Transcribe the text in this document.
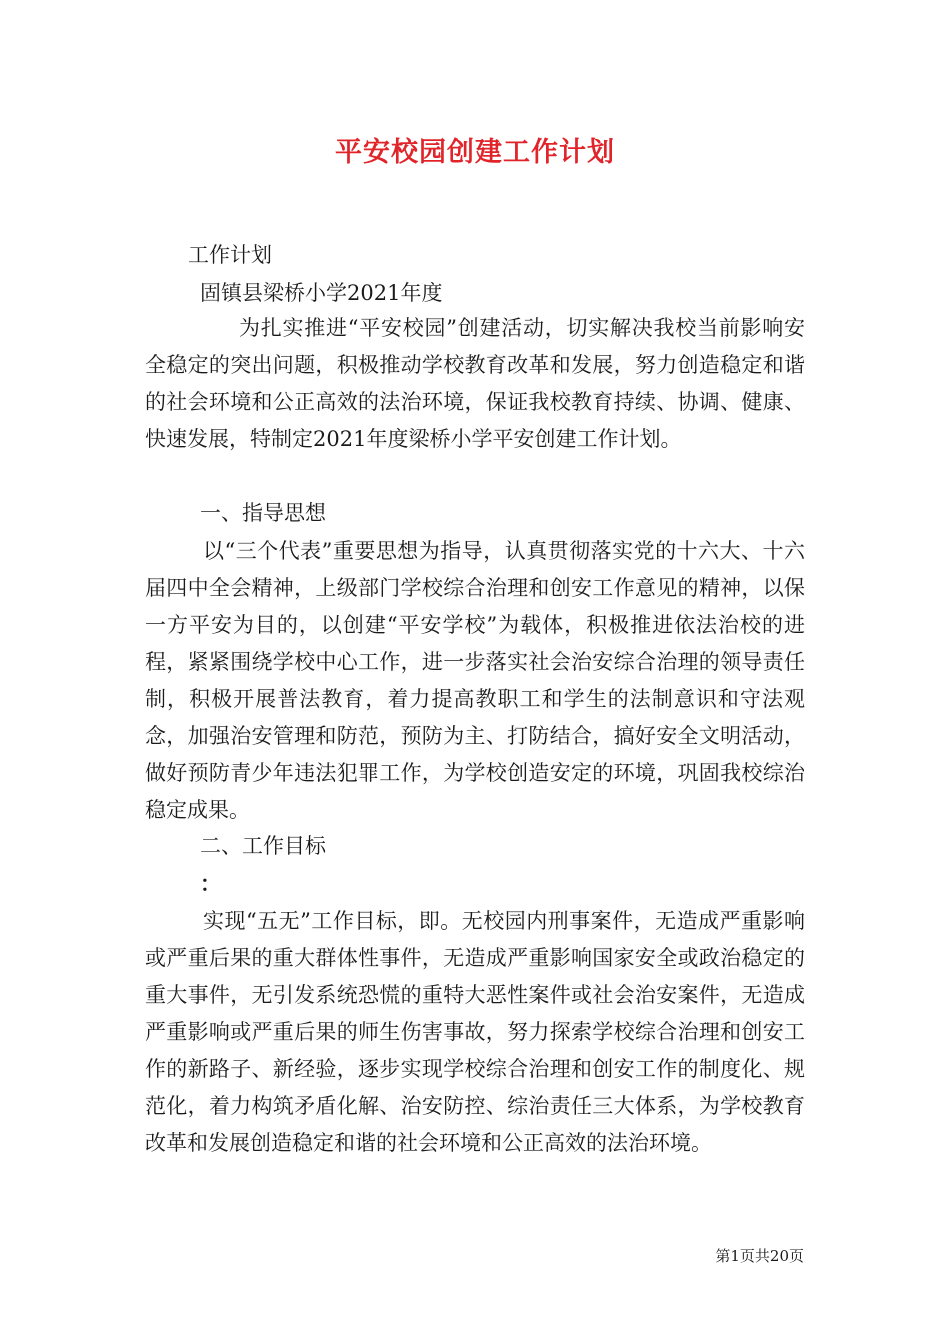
平安校园创建工作计划
工作计划
固镇县梁桥小学2021年度
为扎实推进“平安校园”创建活动，切实解决我校当前影响安全稳定的突出问题，积极推动学校教育改革和发展，努力创造稳定和谐的社会环境和公正高效的法治环境，保证我校教育持续、协调、健康、快速发展，特制定2021年度梁桥小学平安创建工作计划。
一、指导思想
以“三个代表”重要思想为指导，认真贯彻落实党的十六大、十六届四中全会精神，上级部门学校综合治理和创安工作意见的精神，以保一方平安为目的，以创建“平安学校”为载体，积极推进依法治校的进程，紧紧围绕学校中心工作，进一步落实社会治安综合治理的领导责任制，积极开展普法教育，着力提高教职工和学生的法制意识和守法观念，加强治安管理和防范，预防为主、打防结合，搞好安全文明活动，做好预防青少年违法犯罪工作，为学校创造安定的环境，巩固我校综治稳定成果。
二、工作目标
：
实现“五无”工作目标，即。无校园内刑事案件，无造成严重影响或严重后果的重大群体性事件，无造成严重影响国家安全或政治稳定的重大事件，无引发系统恐慌的重特大恶性案件或社会治安案件，无造成严重影响或严重后果的师生伤害事故，努力探索学校综合治理和创安工作的新路子、新经验，逐步实现学校综合治理和创安工作的制度化、规范化，着力构筑矛盾化解、治安防控、综治责任三大体系，为学校教育改革和发展创造稳定和谐的社会环境和公正高效的法治环境。
第1页共20页
